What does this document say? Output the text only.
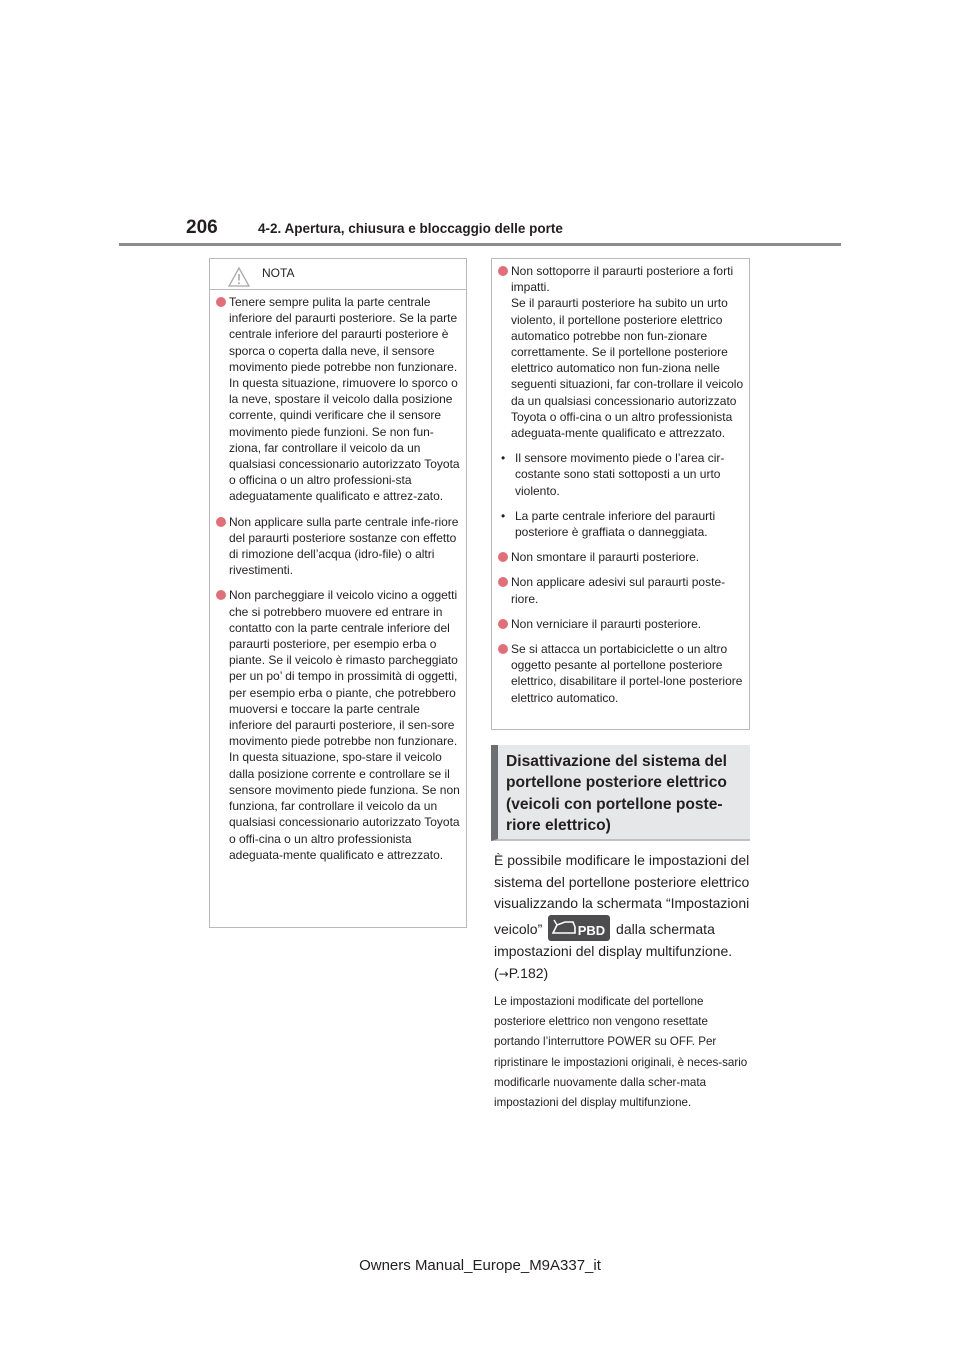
206	4-2. Apertura, chiusura e bloccaggio delle porte
NOTA
Tenere sempre pulita la parte centrale inferiore del paraurti posteriore. Se la parte centrale inferiore del paraurti posteriore è sporca o coperta dalla neve, il sensore movimento piede potrebbe non funzionare. In questa situazione, rimuovere lo sporco o la neve, spostare il veicolo dalla posizione corrente, quindi verificare che il sensore movimento piede funzioni. Se non fun-ziona, far controllare il veicolo da un qualsiasi concessionario autorizzato Toyota o officina o un altro professioni-sta adeguatamente qualificato e attrez-zato.
Non applicare sulla parte centrale infe-riore del paraurti posteriore sostanze con effetto di rimozione dell’acqua (idro-file) o altri rivestimenti.
Non parcheggiare il veicolo vicino a oggetti che si potrebbero muovere ed entrare in contatto con la parte centrale inferiore del paraurti posteriore, per esempio erba o piante. Se il veicolo è rimasto parcheggiato per un po’ di tempo in prossimità di oggetti, per esempio erba o piante, che potrebbero muoversi e toccare la parte centrale inferiore del paraurti posteriore, il sen-sore movimento piede potrebbe non funzionare. In questa situazione, spo-stare il veicolo dalla posizione corrente e controllare se il sensore movimento piede funziona. Se non funziona, far controllare il veicolo da un qualsiasi concessionario autorizzato Toyota o offi-cina o un altro professionista adeguata-mente qualificato e attrezzato.
Non sottoporre il paraurti posteriore a forti impatti.
Se il paraurti posteriore ha subito un urto violento, il portellone posteriore elettrico automatico potrebbe non fun-zionare correttamente. Se il portellone posteriore elettrico automatico non fun-ziona nelle seguenti situazioni, far con-trollare il veicolo da un qualsiasi concessionario autorizzato Toyota o offi-cina o un altro professionista adeguata-mente qualificato e attrezzato.
• Il sensore movimento piede o l’area cir-costante sono stati sottoposti a un urto violento.
• La parte centrale inferiore del paraurti posteriore è graffiata o danneggiata.
Non smontare il paraurti posteriore.
Non applicare adesivi sul paraurti poste-riore.
Non verniciare il paraurti posteriore.
Se si attacca un portabiciclette o un altro oggetto pesante al portellone posteriore elettrico, disabilitare il portel-lone posteriore elettrico automatico.
Disattivazione del sistema del portellone posteriore elettrico (veicoli con portellone poste-riore elettrico)
È possibile modificare le impostazioni del sistema del portellone posteriore elettrico visualizzando la schermata “Impostazioni veicolo”	PBD dalla schermata impostazioni del display multifunzione. (→P.182)
Le impostazioni modificate del portellone posteriore elettrico non vengono resettate portando l’interruttore POWER su OFF. Per ripristinare le impostazioni originali, è neces-sario modificarle nuovamente dalla scher-mata impostazioni del display multifunzione.
Owners Manual_Europe_M9A337_it
